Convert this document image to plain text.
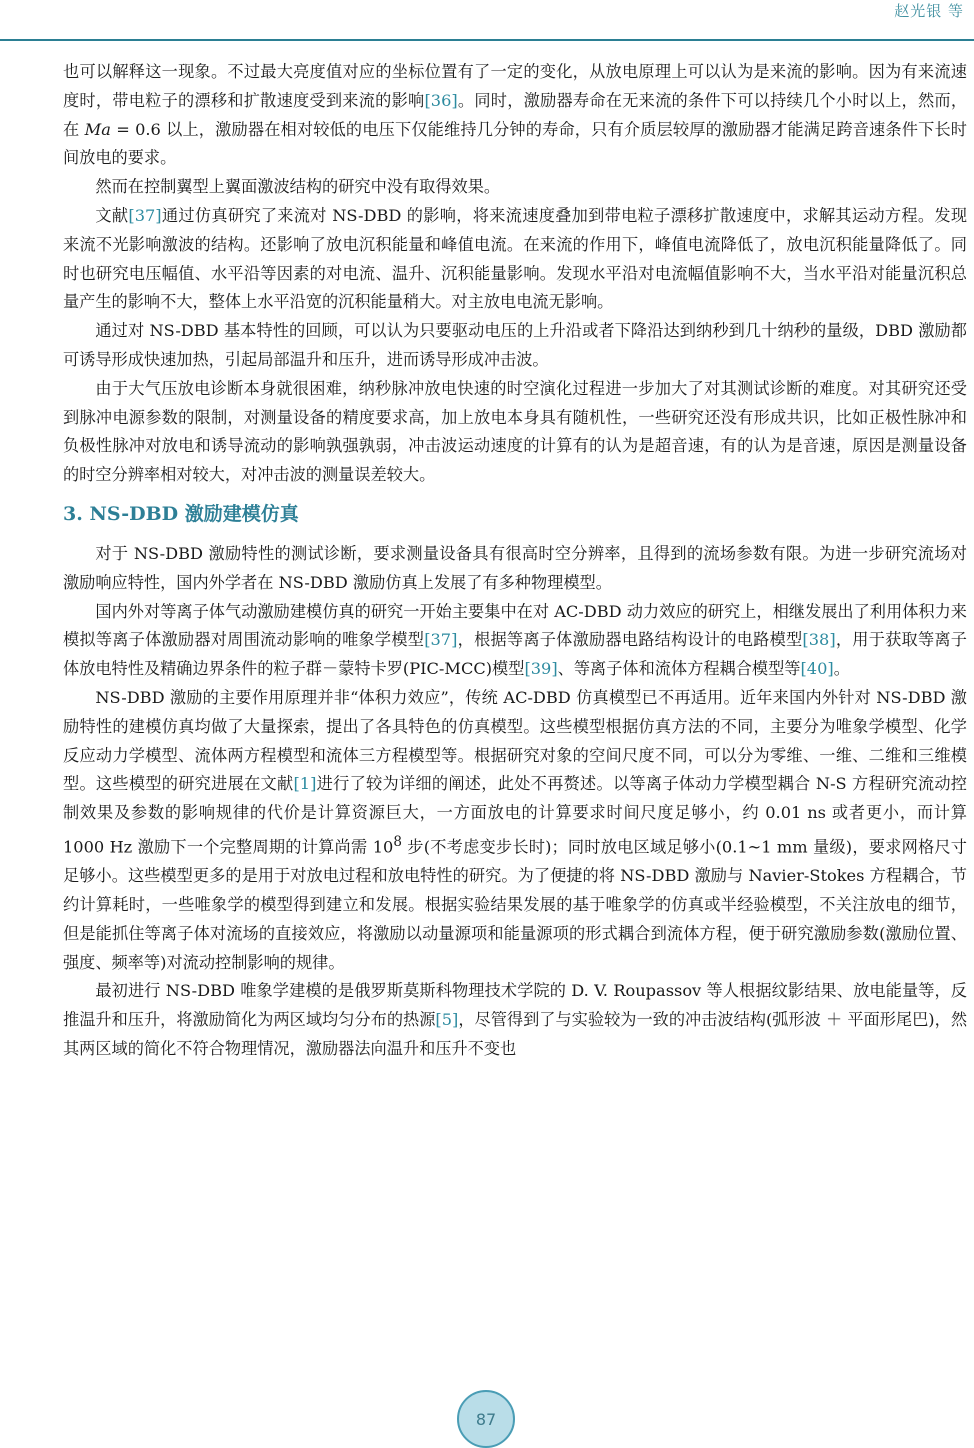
赵光银 等

也可以解释这一现象。不过最大亮度值对应的坐标位置有了一定的变化，从放电原理上可以认为是来流的影响。因为有来流速度时，带电粒子的漂移和扩散速度受到来流的影响[36]。同时，激励器寿命在无来流的条件下可以持续几个小时以上，然而，在 Ma = 0.6 以上，激励器在相对较低的电压下仅能维持几分钟的寿命，只有介质层较厚的激励器才能满足跨音速条件下长时间放电的要求。

然而在控制翼型上翼面激波结构的研究中没有取得效果。

文献[37]通过仿真研究了来流对 NS-DBD 的影响，将来流速度叠加到带电粒子漂移扩散速度中，求解其运动方程。发现来流不光影响激波的结构。还影响了放电沉积能量和峰值电流。在来流的作用下，峰值电流降低了，放电沉积能量降低了。同时也研究电压幅值、水平沿等因素的对电流、温升、沉积能量影响。发现水平沿对电流幅值影响不大，当水平沿对能量沉积总量产生的影响不大，整体上水平沿宽的沉积能量稍大。对主放电电流无影响。

通过对 NS-DBD 基本特性的回顾，可以认为只要驱动电压的上升沿或者下降沿达到纳秒到几十纳秒的量级，DBD 激励都可诱导形成快速加热，引起局部温升和压升，进而诱导形成冲击波。

由于大气压放电诊断本身就很困难，纳秒脉冲放电快速的时空演化过程进一步加大了对其测试诊断的难度。对其研究还受到脉冲电源参数的限制，对测量设备的精度要求高，加上放电本身具有随机性，一些研究还没有形成共识，比如正极性脉冲和负极性脉冲对放电和诱导流动的影响孰强孰弱，冲击波运动速度的计算有的认为是超音速，有的认为是音速，原因是测量设备的时空分辨率相对较大，对冲击波的测量误差较大。

3. NS-DBD 激励建模仿真

对于 NS-DBD 激励特性的测试诊断，要求测量设备具有很高时空分辨率，且得到的流场参数有限。为进一步研究流场对激励响应特性，国内外学者在 NS-DBD 激励仿真上发展了有多种物理模型。

国内外对等离子体气动激励建模仿真的研究一开始主要集中在对 AC-DBD 动力效应的研究上，相继发展出了利用体积力来模拟等离子体激励器对周围流动影响的唯象学模型[37]，根据等离子体激励器电路结构设计的电路模型[38]，用于获取等离子体放电特性及精确边界条件的粒子群－蒙特卡罗(PIC-MCC)模型[39]、等离子体和流体方程耦合模型等[40]。

NS-DBD 激励的主要作用原理并非“体积力效应”，传统 AC-DBD 仿真模型已不再适用。近年来国内外针对 NS-DBD 激励特性的建模仿真均做了大量探索，提出了各具特色的仿真模型。这些模型根据仿真方法的不同，主要分为唯象学模型、化学反应动力学模型、流体两方程模型和流体三方程模型等。根据研究对象的空间尺度不同，可以分为零维、一维、二维和三维模型。这些模型的研究进展在文献[1]进行了较为详细的阐述，此处不再赘述。以等离子体动力学模型耦合 N-S 方程研究流动控制效果及参数的影响规律的代价是计算资源巨大，一方面放电的计算要求时间尺度足够小，约 0.01 ns 或者更小，而计算 1000 Hz 激励下一个完整周期的计算尚需 $10^8$ 步(不考虑变步长时)；同时放电区域足够小(0.1~1 mm 量级)，要求网格尺寸足够小。这些模型更多的是用于对放电过程和放电特性的研究。为了便捷的将 NS-DBD 激励与 Navier-Stokes 方程耦合，节约计算耗时，一些唯象学的模型得到建立和发展。根据实验结果发展的基于唯象学的仿真或半经验模型，不关注放电的细节，但是能抓住等离子体对流场的直接效应，将激励以动量源项和能量源项的形式耦合到流体方程，便于研究激励参数(激励位置、强度、频率等)对流动控制影响的规律。

最初进行 NS-DBD 唯象学建模的是俄罗斯莫斯科物理技术学院的 D. V. Roupassov 等人根据纹影结果、放电能量等，反推温升和压升，将激励简化为两区域均匀分布的热源[5]，尽管得到了与实验较为一致的冲击波结构(弧形波 ＋ 平面形尾巴)，然其两区域的简化不符合物理情况，激励器法向温升和压升不变也

87
